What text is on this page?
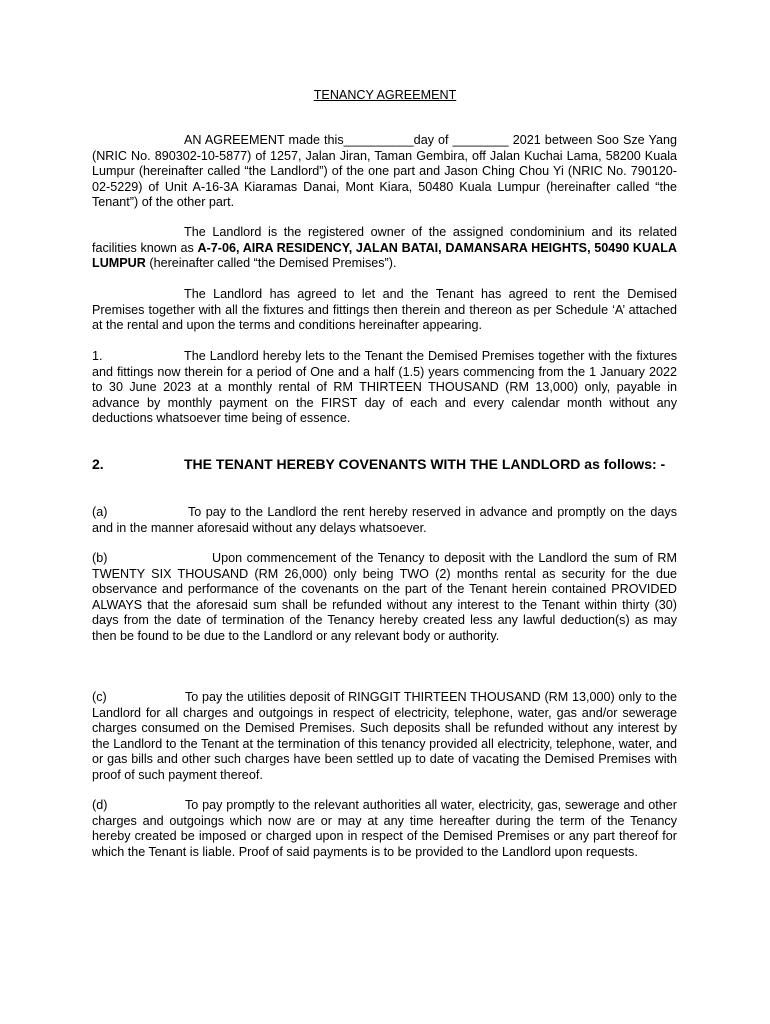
TENANCY AGREEMENT

AN AGREEMENT made this__________day of ________ 2021 between Soo Sze Yang (NRIC No. 890302-10-5877) of 1257, Jalan Jiran, Taman Gembira, off Jalan Kuchai Lama, 58200 Kuala Lumpur (hereinafter called “the Landlord”) of the one part and Jason Ching Chou Yi (NRIC No. 790120-02-5229) of Unit A-16-3A Kiaramas Danai, Mont Kiara, 50480 Kuala Lumpur (hereinafter called “the Tenant”) of the other part.

The Landlord is the registered owner of the assigned condominium and its related facilities known as A-7-06, AIRA RESIDENCY, JALAN BATAI, DAMANSARA HEIGHTS, 50490 KUALA LUMPUR (hereinafter called “the Demised Premises”).

The Landlord has agreed to let and the Tenant has agreed to rent the Demised Premises together with all the fixtures and fittings then therein and thereon as per Schedule ‘A’ attached at the rental and upon the terms and conditions hereinafter appearing.

1.	The Landlord hereby lets to the Tenant the Demised Premises together with the fixtures and fittings now therein for a period of One and a half (1.5) years commencing from the 1 January 2022 to 30 June 2023 at a monthly rental of RM THIRTEEN THOUSAND (RM 13,000) only, payable in advance by monthly payment on the FIRST day of each and every calendar month without any deductions whatsoever time being of essence.

2.	THE TENANT HEREBY COVENANTS WITH THE LANDLORD as follows: -

(a)	To pay to the Landlord the rent hereby reserved in advance and promptly on the days and in the manner aforesaid without any delays whatsoever.

(b)	Upon commencement of the Tenancy to deposit with the Landlord the sum of RM TWENTY SIX THOUSAND (RM 26,000) only being TWO (2) months rental as security for the due observance and performance of the covenants on the part of the Tenant herein contained PROVIDED ALWAYS that the aforesaid sum shall be refunded without any interest to the Tenant within thirty (30) days from the date of termination of the Tenancy hereby created less any lawful deduction(s) as may then be found to be due to the Landlord or any relevant body or authority.

(c)	To pay the utilities deposit of RINGGIT THIRTEEN THOUSAND (RM 13,000) only to the Landlord for all charges and outgoings in respect of electricity, telephone, water, gas and/or sewerage charges consumed on the Demised Premises. Such deposits shall be refunded without any interest by the Landlord to the Tenant at the termination of this tenancy provided all electricity, telephone, water, and or gas bills and other such charges have been settled up to date of vacating the Demised Premises with proof of such payment thereof.

(d)	To pay promptly to the relevant authorities all water, electricity, gas, sewerage and other charges and outgoings which now are or may at any time hereafter during the term of the Tenancy hereby created be imposed or charged upon in respect of the Demised Premises or any part thereof for which the Tenant is liable. Proof of said payments is to be provided to the Landlord upon requests.
